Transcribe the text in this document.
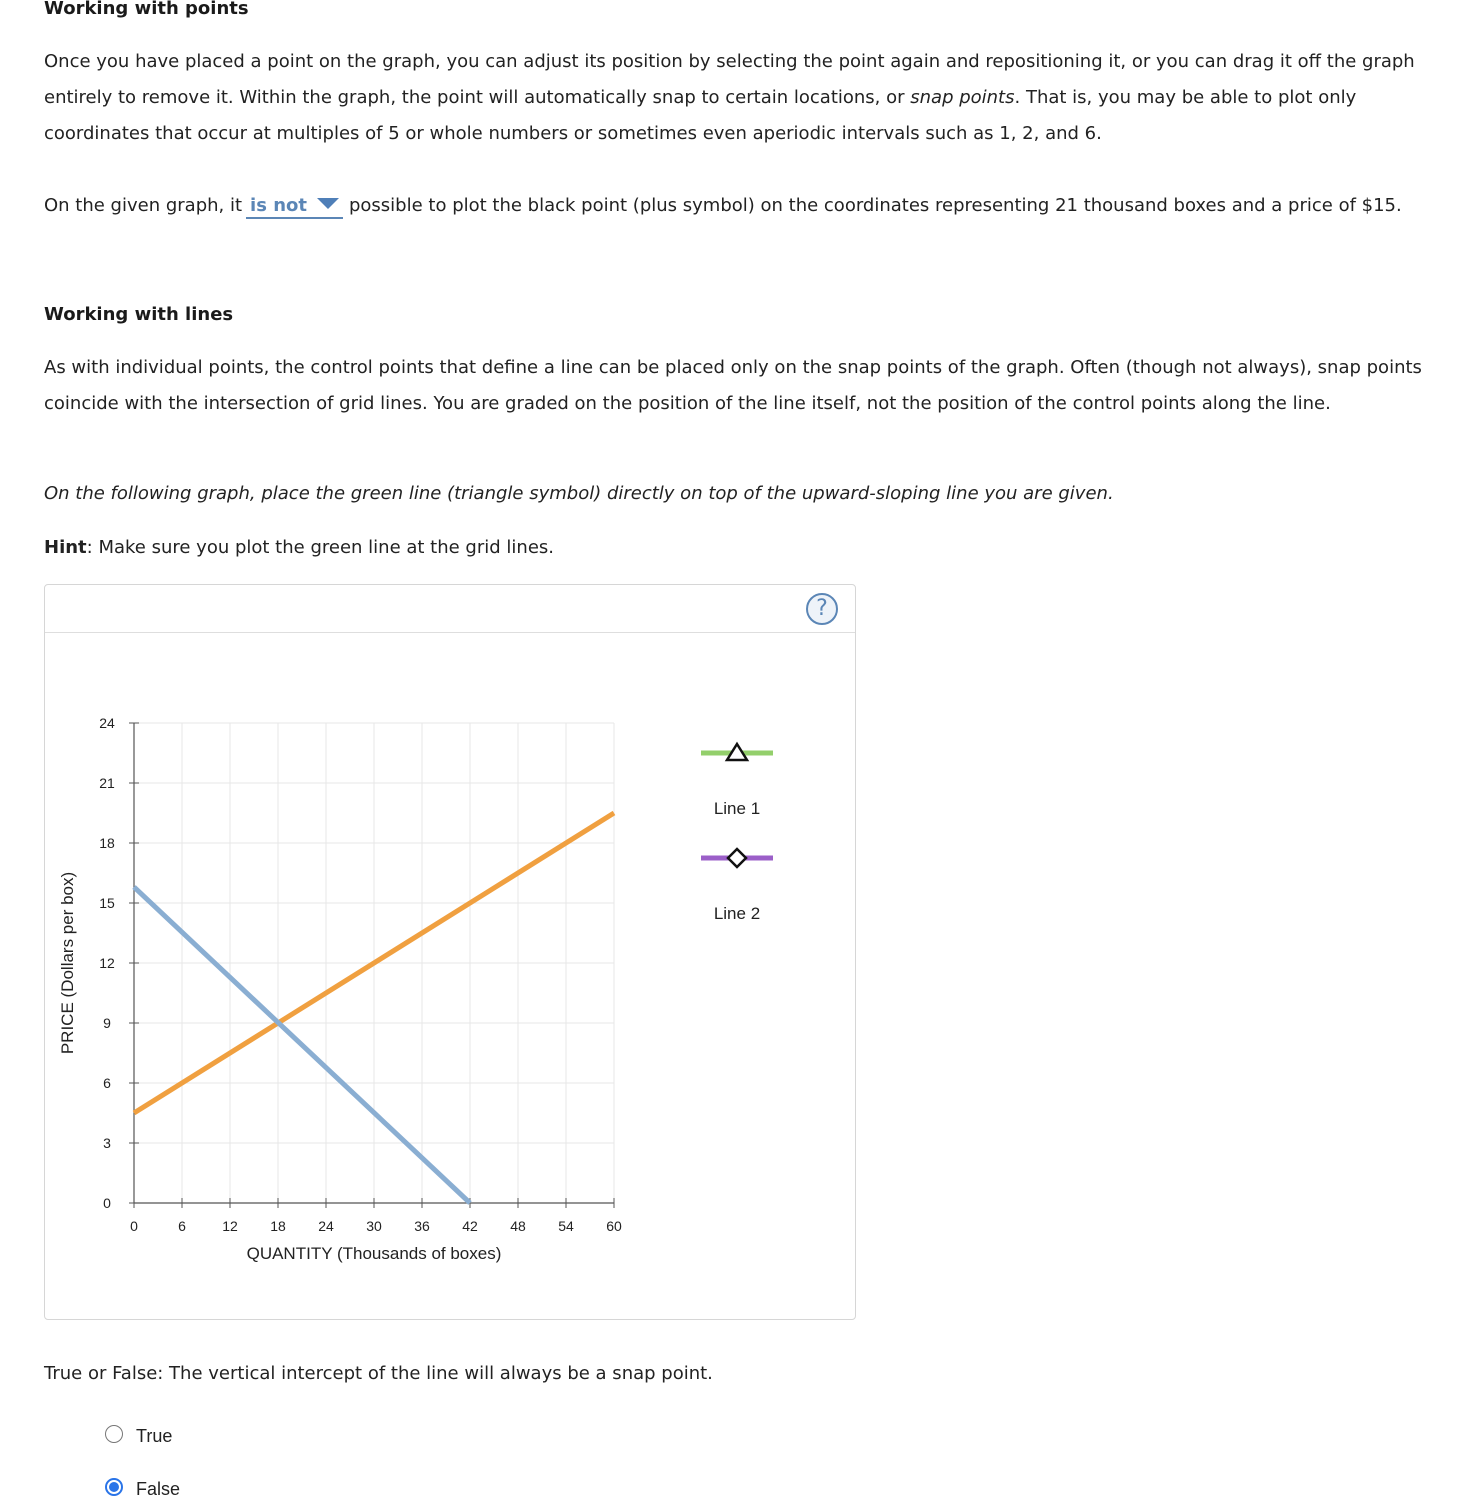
Working with points
Once you have placed a point on the graph, you can adjust its position by selecting the point again and repositioning it, or you can drag it off the graph entirely to remove it. Within the graph, the point will automatically snap to certain locations, or snap points. That is, you may be able to plot only coordinates that occur at multiples of 5 or whole numbers or sometimes even aperiodic intervals such as 1, 2, and 6.
On the given graph, it is not possible to plot the black point (plus symbol) on the coordinates representing 21 thousand boxes and a price of $15.
Working with lines
As with individual points, the control points that define a line can be placed only on the snap points of the graph. Often (though not always), snap points coincide with the intersection of grid lines. You are graded on the position of the line itself, not the position of the control points along the line.
On the following graph, place the green line (triangle symbol) directly on top of the upward-sloping line you are given.
Hint: Make sure you plot the green line at the grid lines.
?
0	6	12 18 24 30 36 42 48 54 60
0
3
6
9
12
15
18
21
24
QUANTITY (Thousands of boxes)
PRICE (Dollars per box)
Line 1
Line 2
True or False: The vertical intercept of the line will always be a snap point.
True
False
